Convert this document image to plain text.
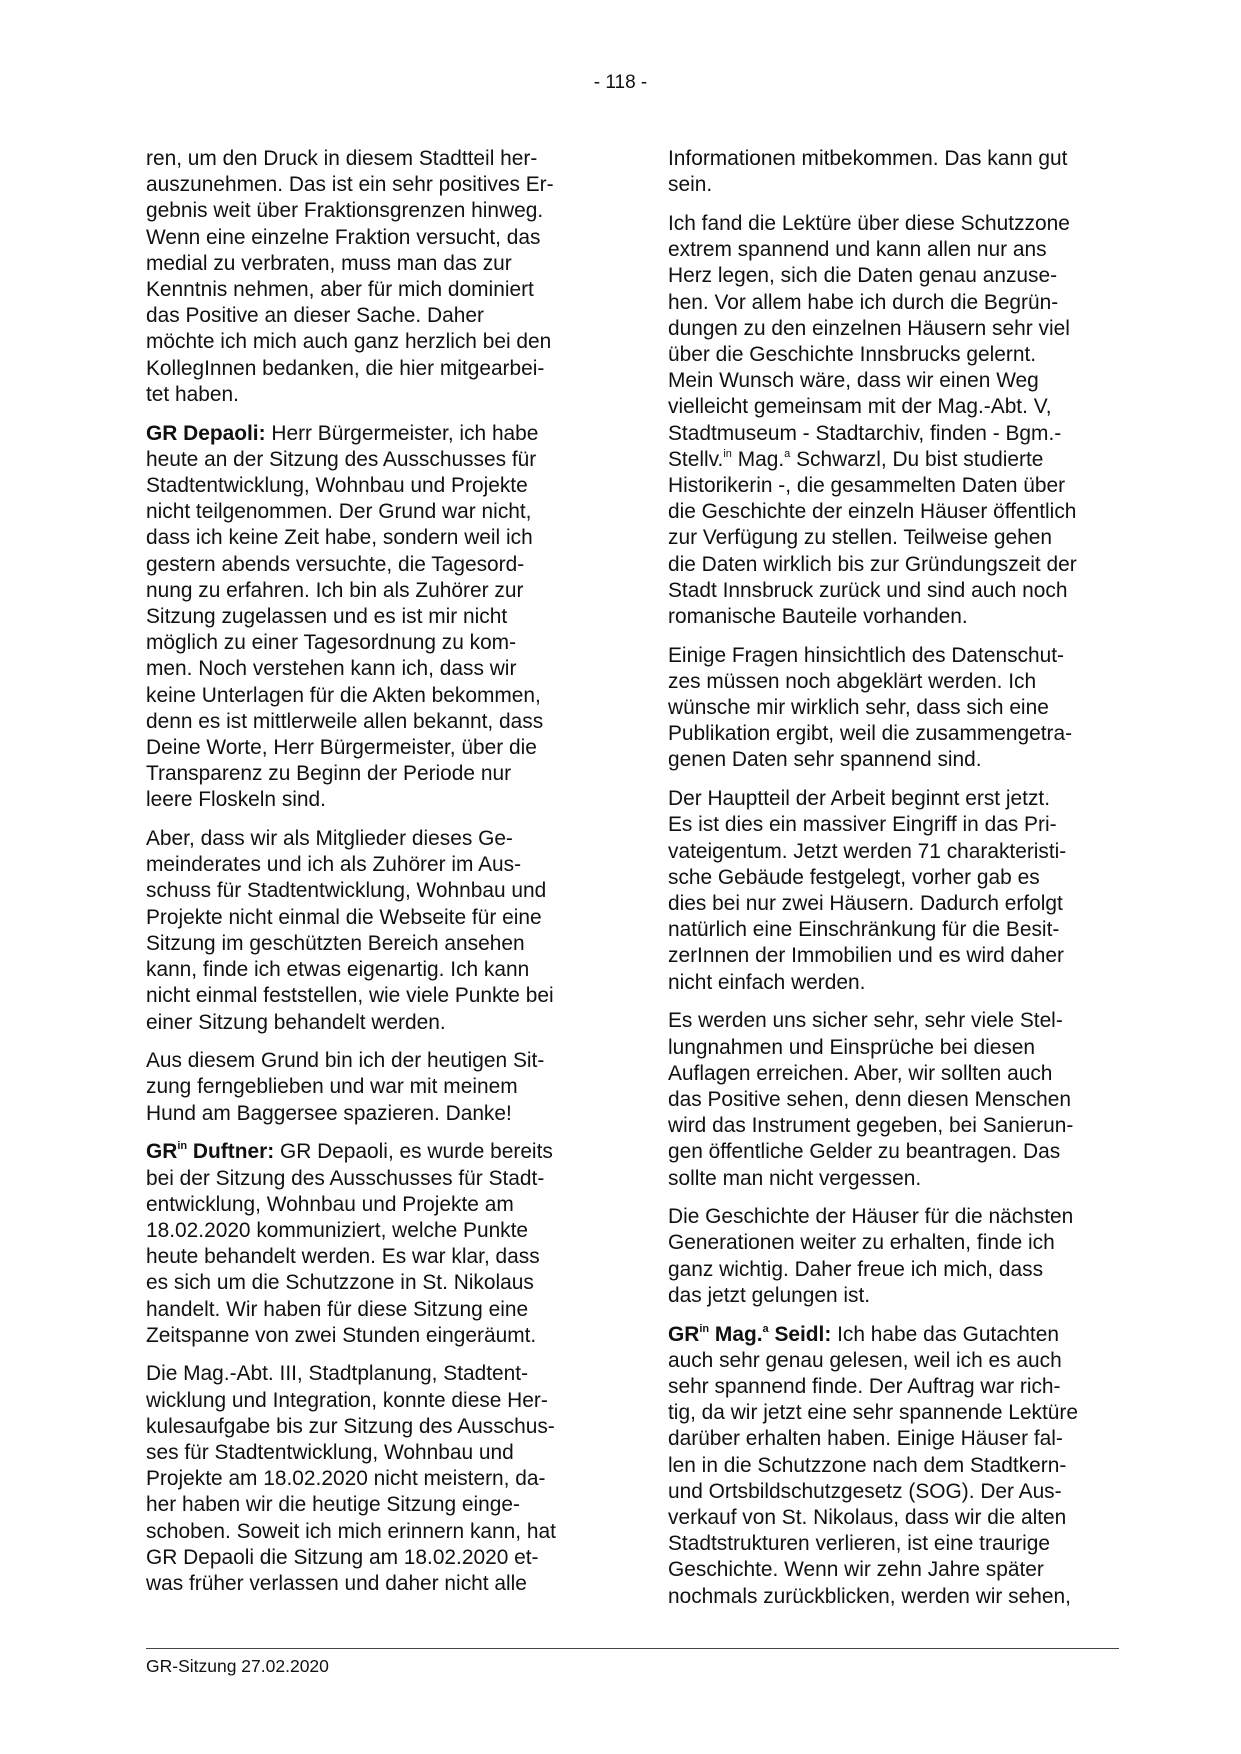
- 118 -

ren, um den Druck in diesem Stadtteil her-
auszunehmen. Das ist ein sehr positives Er-
gebnis weit über Fraktionsgrenzen hinweg.
Wenn eine einzelne Fraktion versucht, das
medial zu verbraten, muss man das zur
Kenntnis nehmen, aber für mich dominiert
das Positive an dieser Sache. Daher
möchte ich mich auch ganz herzlich bei den
KollegInnen bedanken, die hier mitgearbei-
tet haben.

GR Depaoli: Herr Bürgermeister, ich habe
heute an der Sitzung des Ausschusses für
Stadtentwicklung, Wohnbau und Projekte
nicht teilgenommen. Der Grund war nicht,
dass ich keine Zeit habe, sondern weil ich
gestern abends versuchte, die Tagesord-
nung zu erfahren. Ich bin als Zuhörer zur
Sitzung zugelassen und es ist mir nicht
möglich zu einer Tagesordnung zu kom-
men. Noch verstehen kann ich, dass wir
keine Unterlagen für die Akten bekommen,
denn es ist mittlerweile allen bekannt, dass
Deine Worte, Herr Bürgermeister, über die
Transparenz zu Beginn der Periode nur
leere Floskeln sind.

Aber, dass wir als Mitglieder dieses Ge-
meinderates und ich als Zuhörer im Aus-
schuss für Stadtentwicklung, Wohnbau und
Projekte nicht einmal die Webseite für eine
Sitzung im geschützten Bereich ansehen
kann, finde ich etwas eigenartig. Ich kann
nicht einmal feststellen, wie viele Punkte bei
einer Sitzung behandelt werden.

Aus diesem Grund bin ich der heutigen Sit-
zung ferngeblieben und war mit meinem
Hund am Baggersee spazieren. Danke!

$GR^{in}$ Duftner: GR Depaoli, es wurde bereits
bei der Sitzung des Ausschusses für Stadt-
entwicklung, Wohnbau und Projekte am
18.02.2020 kommuniziert, welche Punkte
heute behandelt werden. Es war klar, dass
es sich um die Schutzzone in St. Nikolaus
handelt. Wir haben für diese Sitzung eine
Zeitspanne von zwei Stunden eingeräumt.

Die Mag.-Abt. III, Stadtplanung, Stadtent-
wicklung und Integration, konnte diese Her-
kulesaufgabe bis zur Sitzung des Ausschus-
ses für Stadtentwicklung, Wohnbau und
Projekte am 18.02.2020 nicht meistern, da-
her haben wir die heutige Sitzung einge-
schoben. Soweit ich mich erinnern kann, hat
GR Depaoli die Sitzung am 18.02.2020 et-
was früher verlassen und daher nicht alle

Informationen mitbekommen. Das kann gut
sein.

Ich fand die Lektüre über diese Schutzzone
extrem spannend und kann allen nur ans
Herz legen, sich die Daten genau anzuse-
hen. Vor allem habe ich durch die Begrün-
dungen zu den einzelnen Häusern sehr viel
über die Geschichte Innsbrucks gelernt.
Mein Wunsch wäre, dass wir einen Weg
vielleicht gemeinsam mit der Mag.-Abt. V,
Stadtmuseum - Stadtarchiv, finden - Bgm.-
Stellv.$^{in}$ Mag.$^a$ Schwarzl, Du bist studierte
Historikerin -, die gesammelten Daten über
die Geschichte der einzeln Häuser öffentlich
zur Verfügung zu stellen. Teilweise gehen
die Daten wirklich bis zur Gründungszeit der
Stadt Innsbruck zurück und sind auch noch
romanische Bauteile vorhanden.

Einige Fragen hinsichtlich des Datenschut-
zes müssen noch abgeklärt werden. Ich
wünsche mir wirklich sehr, dass sich eine
Publikation ergibt, weil die zusammengetra-
genen Daten sehr spannend sind.

Der Hauptteil der Arbeit beginnt erst jetzt.
Es ist dies ein massiver Eingriff in das Pri-
vateigentum. Jetzt werden 71 charakteristi-
sche Gebäude festgelegt, vorher gab es
dies bei nur zwei Häusern. Dadurch erfolgt
natürlich eine Einschränkung für die Besit-
zerInnen der Immobilien und es wird daher
nicht einfach werden.

Es werden uns sicher sehr, sehr viele Stel-
lungnahmen und Einsprüche bei diesen
Auflagen erreichen. Aber, wir sollten auch
das Positive sehen, denn diesen Menschen
wird das Instrument gegeben, bei Sanierun-
gen öffentliche Gelder zu beantragen. Das
sollte man nicht vergessen.

Die Geschichte der Häuser für die nächsten
Generationen weiter zu erhalten, finde ich
ganz wichtig. Daher freue ich mich, dass
das jetzt gelungen ist.

$GR^{in}$ Mag.$^a$ Seidl: Ich habe das Gutachten
auch sehr genau gelesen, weil ich es auch
sehr spannend finde. Der Auftrag war rich-
tig, da wir jetzt eine sehr spannende Lektüre
darüber erhalten haben. Einige Häuser fal-
len in die Schutzzone nach dem Stadtkern-
und Ortsbildschutzgesetz (SOG). Der Aus-
verkauf von St. Nikolaus, dass wir die alten
Stadtstrukturen verlieren, ist eine traurige
Geschichte. Wenn wir zehn Jahre später
nochmals zurückblicken, werden wir sehen,

GR-Sitzung 27.02.2020
